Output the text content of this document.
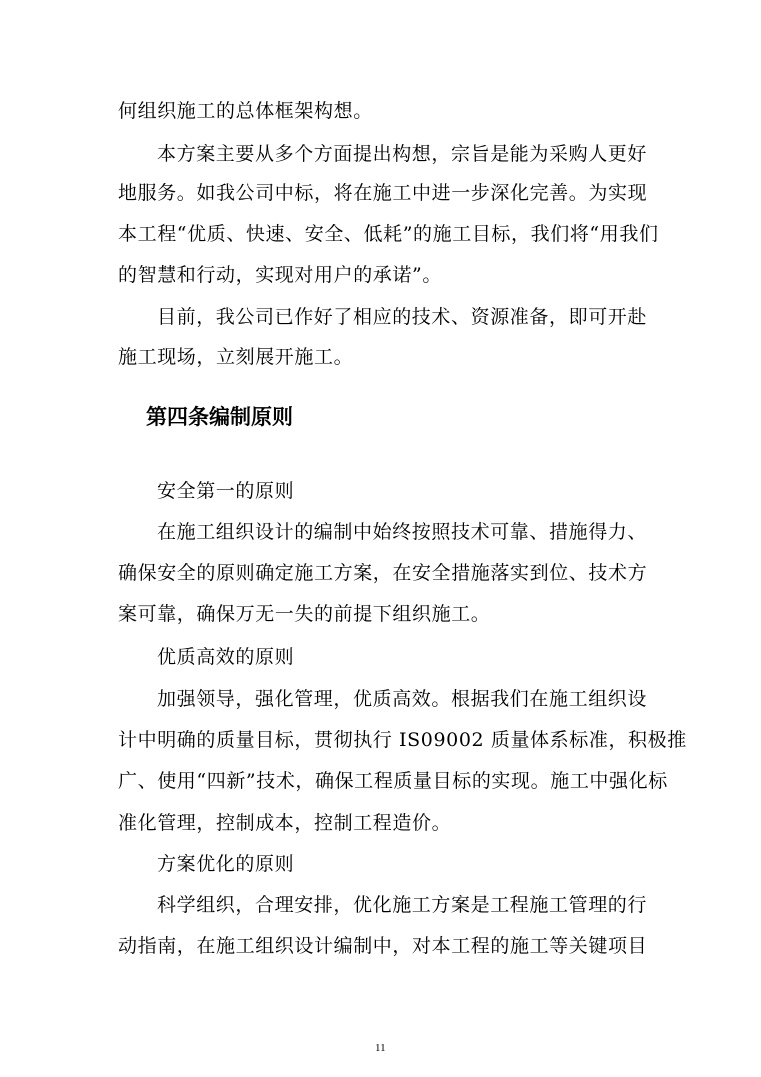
何组织施工的总体框架构想。
本方案主要从多个方面提出构想，宗旨是能为采购人更好
地服务。如我公司中标，将在施工中进一步深化完善。为实现
本工程“优质、快速、安全、低耗”的施工目标，我们将“用我们
的智慧和行动，实现对用户的承诺”。
目前，我公司已作好了相应的技术、资源准备，即可开赴
施工现场，立刻展开施工。
第四条编制原则
安全第一的原则
在施工组织设计的编制中始终按照技术可靠、措施得力、
确保安全的原则确定施工方案，在安全措施落实到位、技术方
案可靠，确保万无一失的前提下组织施工。
优质高效的原则
加强领导，强化管理，优质高效。根据我们在施工组织设
计中明确的质量目标，贯彻执行 IS09002 质量体系标准，积极推
广、使用“四新”技术，确保工程质量目标的实现。施工中强化标
准化管理，控制成本，控制工程造价。
方案优化的原则
科学组织，合理安排，优化施工方案是工程施工管理的行
动指南，在施工组织设计编制中，对本工程的施工等关键项目
11
